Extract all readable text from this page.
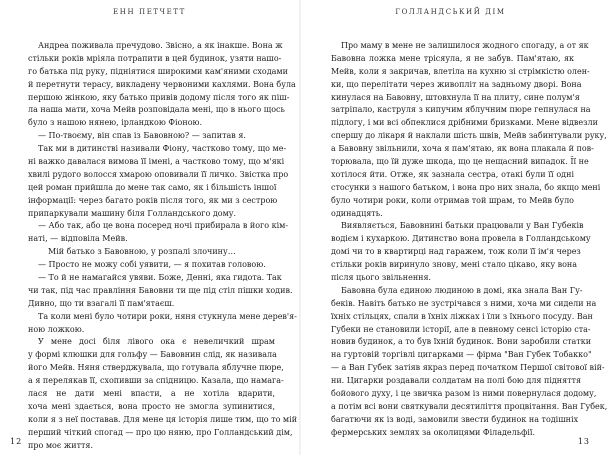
ЕНН ПЕТЧЕТТ
Андреа поживала пречудово. Звісно, а як інакше. Вона ж
стільки років мріяла потрапити в цей будинок, узяти нашо-
го батька під руку, підніятися широкими кам'яними сходами
й перетнути терасу, викладену червоними кахлями. Вона була
першою жінкою, яку батько привів додому після того як піш-
ла наша мати, хоча Мейв розповідала мені, що в нього щось
було з нашою нянею, ірландкою Фіоною.
— По-твоєму, він спав із Бавовною? — запитав я.
Так ми в дитинстві називали Фіону, частково тому, що ме-
ні важко давалася вимова її імені, а частково тому, що м'які
хвилі рудого волосся хмарою оповивали її личко. Звістка про
цей роман прийшла до мене так само, як і більшість іншої
інформації: через багато років після того, як ми з сестрою
припаркували машину біля Голландського дому.
— Або так, або це вона посеред ночі прибирала в його кім-
наті, — відповіла Мейв.
Мій батько з Бавовною, у розпалі злочину…
— Просто не можу собі уявити, — я похитав головою.
— То й не намагайся увяви. Боже, Денні, яка гидота. Так
чи так, під час правління Бавовни ти ще під стіл пішки ходив.
Дивно, що ти взагалі її пам'ятаєш.
Та коли мені було чотири роки, няня стукнула мене дерев'я-
ною ложкою.
У мене досі біля лівого ока є невеличкий шрам
у формі клюшки для гольфу — Бавовнин слід, як називала
його Мейв. Няня стверджувала, що готувала яблучне пюре,
а я перелякав її, схопивши за спідницю. Казала, що намага-
лася не дати мені впасти, а не хотіла вдарити,
хоча мені здається, вона просто не змогла зупинитися,
коли я з неї поставав. Для мене ця історія лише тим, що то мій
перший чіткий спогад — про цю няню, про Голландський дім,
про моє життя.
12
ГОЛЛАНДСЬКИЙ ДІМ
Про маму в мене не залишилося жодного спогаду, а от як
Бавовна ложка мене трісяула, я не забув. Пам'ятаю, як
Мейв, коли я закричав, влетіла на кухню зі стрімкістю олен-
ки, що перелітати через живопліт на задньому дворі. Вона
кинулася на Бавовну, штовхнула її на плиту, сине полум'я
затріпало, каструля з кипучим яблучним пюре гепнулася на
підлогу, і ми всі обпеклися дрібними бризками. Мене відвезли
спершу до лікаря й наклали шість швів, Мейв забинтували руку,
а Бавовну звільнили, хоча я пам'ятаю, як вона плакала й пов-
торювала, що їй дуже шкода, що це нещасний випадок. Її не
хотілося йти. Отже, як зазнала сестра, отакі були її одні
стосунки з нашого батьком, і вона про них знала, бо якщо мені
було чотири роки, коли отримав той шрам, то Мейв було
одинадцять.
Виявляється, Бавовнині батьки працювали у Ван Губеків
водієм і кухаркою. Дитинство вона провела в Голландському
домі чи то в квартирці над гаражем, тож коли її ім'я через
стільки років виринуло знову, мені стало цікаво, яку вона
після цього звільнення.
Бавовна була єдиною людиною в домі, яка знала Ван Гу-
беків. Навіть батько не зустрічався з ними, хоча ми сидели на
їхніх стільцях, спали в їхніх ліжках і їли з їхнього посуду. Ван
Губеки не становили історії, але в певному сенсі історію ста-
новив будинок, а то був їхній будинок. Вони заробили статки
на гуртовій торгівлі цигарками — фірма "Ван Губек Тобакко"
— а Ван Губек затіяв якраз перед початком Першої світової вій-
ни. Цигарки роздавали солдатам на полі бою для підняття
бойового духу, і це звичка разом із ними повернулася додому,
а потім всі вони святкували десятиліття процвітання. Ван Губек,
багатючи як із воді, замовили звести будинок на тодішніх
фермерських землях за околицями Філадельфії.
13
